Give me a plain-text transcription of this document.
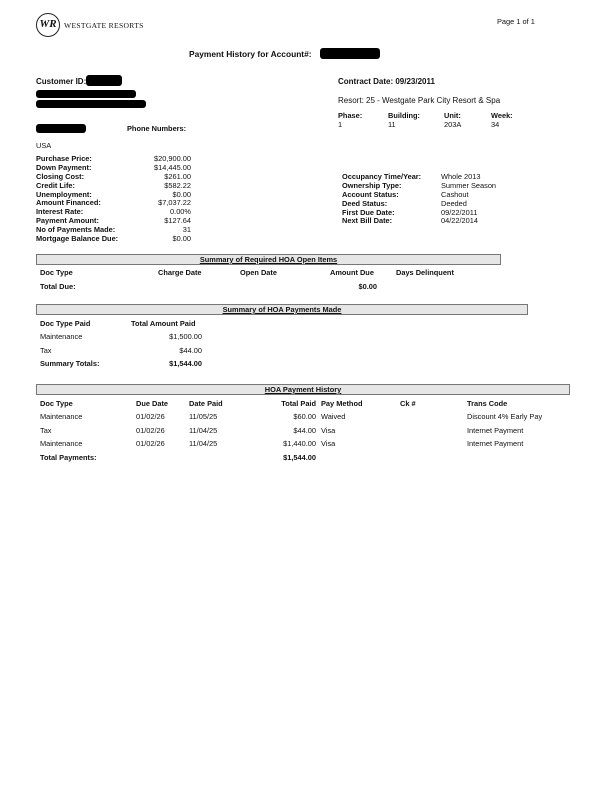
WR WESTGATE RESORTS	Page 1 of 1
Payment History for Account#:
Customer ID:
Phone Numbers:
USA
Contract Date: 09/23/2011
Resort: 25 - Westgate Park City Resort & Spa
Phase:	Building:	Unit:	Week:
1	11	203A	34
Purchase Price:	$20,900.00
Down Payment:	$14,445.00
Closing Cost:	$261.00
Credit Life:	$582.22
Unemployment:	$0.00
Amount Financed:	$7,037.22
Interest Rate:	0.00%
Payment Amount:	$127.64
No of Payments Made:	31
Mortgage Balance Due:	$0.00
Occupancy Time/Year:	Whole 2013
Ownership Type:	Summer Season
Account Status:	Cashout
Deed Status:	Deeded
First Due Date:	09/22/2011
Next Bill Date:	04/22/2014
Summary of Required HOA Open Items
Doc Type	Charge Date	Open Date	Amount Due	Days Delinquent
Total Due:	$0.00
Summary of HOA Payments Made
Doc Type Paid	Total Amount Paid
Maintenance	$1,500.00
Tax	$44.00
Summary Totals:	$1,544.00
HOA Payment History
Doc Type	Due Date	Date Paid	Total Paid Pay Method	Ck #	Trans Code
Maintenance	01/02/26	11/05/25	$60.00 Waived	Discount 4% Early Pay
Tax	01/02/26	11/04/25	$44.00 Visa	Internet Payment
Maintenance	01/02/26	11/04/25	$1,440.00 Visa	Internet Payment
Total Payments:	$1,544.00
